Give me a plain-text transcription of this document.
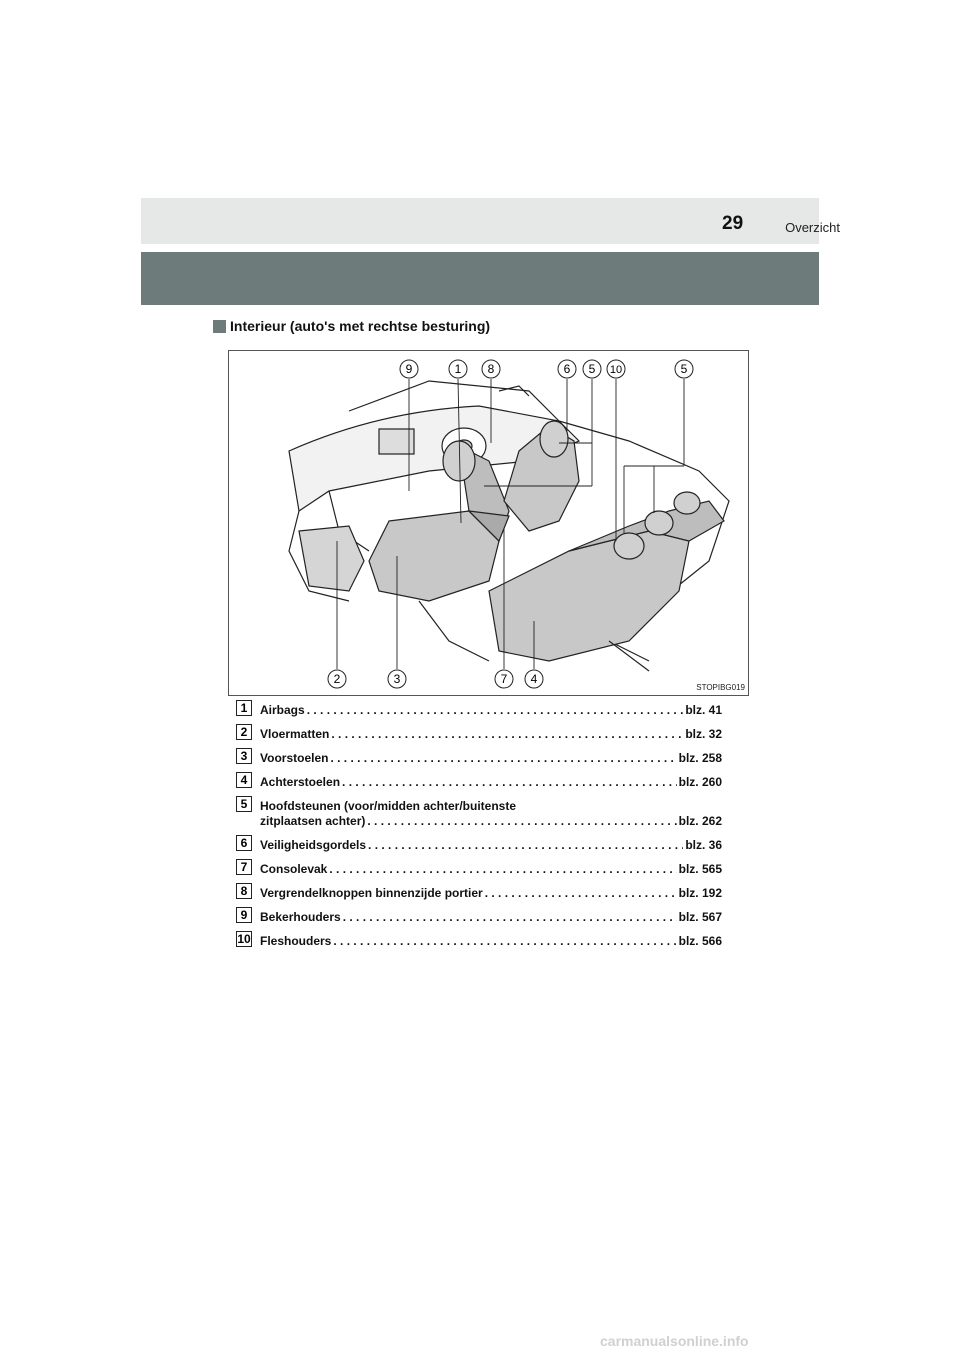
Overzicht
29
Interieur (auto's met rechtse besturing)
9	1 8	6 5 10	5
2	3	7 4
STOPIBG019
1 Airbags . . .	blz. 41
2 Vloermatten . . .	blz. 32
3 Voorstoelen . . .	blz. 258
4 Achterstoelen . . .	blz. 260
5 Hoofdsteunen (voor/midden achter/buitenste
zitplaatsen achter) . . .	blz. 262
6 Veiligheidsgordels . . .	blz. 36
7 Consolevak . . .	blz. 565
8 Vergrendelknoppen binnenzijde portier . . .	blz. 192
9 Bekerhouders . . .	blz. 567
10 Fleshouders . . .	blz. 566
carmanualsonline.info
